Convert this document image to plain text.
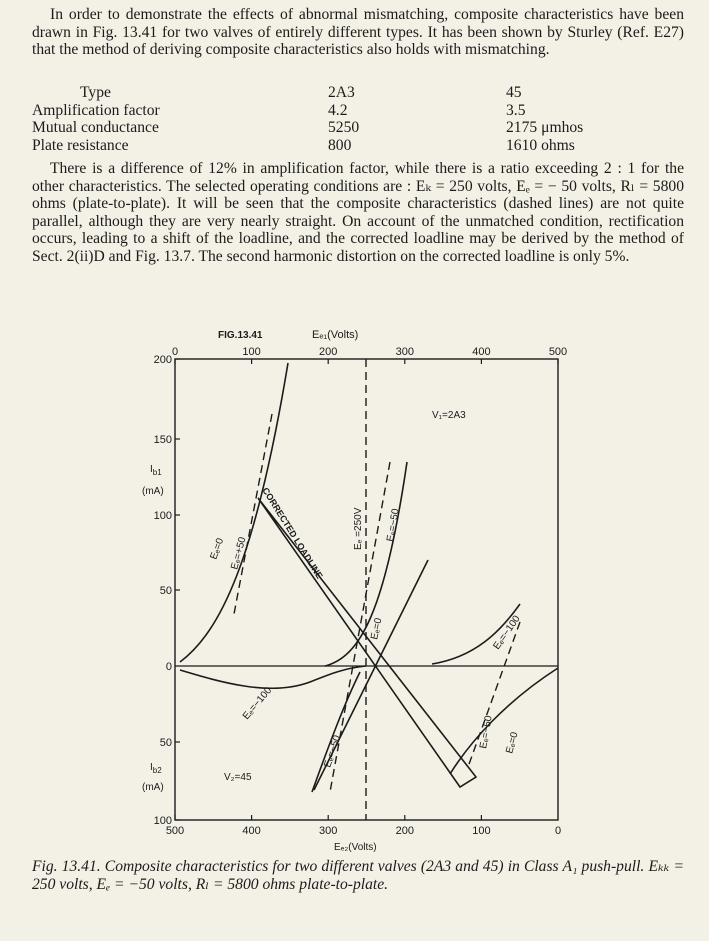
In order to demonstrate the effects of abnormal mismatching, composite characteristics have been drawn in Fig. 13.41 for two valves of entirely different types. It has been shown by Sturley (Ref. E27) that the method of deriving composite characteristics also holds with mismatching.

Type	2A3	45
Amplification factor	4.2	3.5
Mutual conductance	5250	2175 μmhos
Plate resistance	800	1610 ohms

There is a difference of 12% in amplification factor, while there is a ratio exceeding 2 : 1 for the other characteristics. The selected operating conditions are : Eₖ = 250 volts, Eₑ = − 50 volts, Rₗ = 5800 ohms (plate-to-plate). It will be seen that the composite characteristics (dashed lines) are not quite parallel, although they are very nearly straight. On account of the unmatched condition, rectification occurs, leading to a shift of the loadline, and the corrected loadline may be derived by the method of Sect. 2(ii)D and Fig. 13.7. The second harmonic distortion on the corrected loadline is only 5%.

0	100	200	300	400	500
FIG.13.41	Eₑ₁(Volts)
500	400	300	200	100	0
Eₑ₂(Volts)
200
150
100
50
0
50
100
$I_{b1}$
(mA)
$I_{b2}$
(mA)
V₁=2A3
V₂=45
Eₑ =250V
CORRECTED LOADLINE
Eₑ=0 Eₑ=+50
Eₑ=−50
Eₑ=0	Eₑ=−100
Eₑ=−100
Eₑ=−50
Eₑ=−50 Eₑ=0

Fig. 13.41. Composite characteristics for two different valves (2A3 and 45) in Class A₁ push-pull. Eₖₖ = 250 volts, Eₑ = −50 volts, Rₗ = 5800 ohms plate-to-plate.
